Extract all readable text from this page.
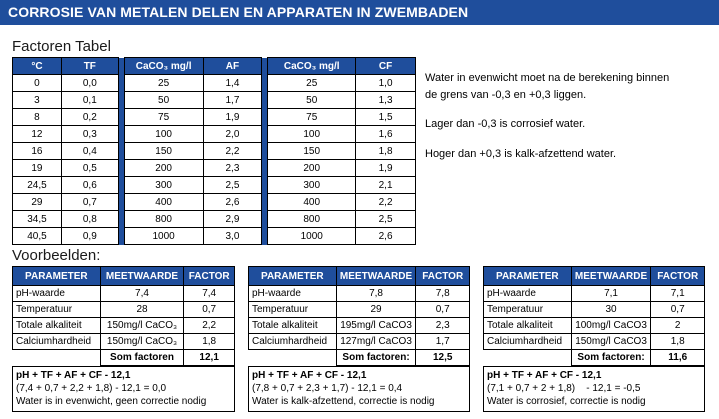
CORROSIE VAN METALEN DELEN EN APPARATEN IN ZWEMBADEN
Factoren Tabel
°C	TF		CaCO₃ mg/l	AF		CaCO₃ mg/l	CF
0	0,0		25	1,4		25	1,0
3	0,1		50	1,7		50	1,3
8	0,2		75	1,9		75	1,5
12	0,3		100	2,0		100	1,6
16	0,4		150	2,2		150	1,8
19	0,5		200	2,3		200	1,9
24,5	0,6		300	2,5		300	2,1
29	0,7		400	2,6		400	2,2
34,5	0,8		800	2,9		800	2,5
40,5	0,9		1000	3,0		1000	2,6

Water in evenwicht moet na de berekening binnen de grens van -0,3 en +0,3 liggen.

Lager dan -0,3 is corrosief water.

Hoger dan +0,3 is kalk-afzettend water.

Voorbeelden:
PARAMETER	MEETWAARDE	FACTOR
pH-waarde	7,4	7,4
Temperatuur	28	0,7
Totale alkaliteit	150mg/l CaCO₃	2,2
Calciumhardheid	150mg/l CaCO₃	1,8
	Som factoren	12,1
pH + TF + AF + CF - 12,1
(7,4 + 0,7 + 2,2 + 1,8) - 12,1 = 0,0
Water is in evenwicht, geen correctie nodig
PARAMETER	MEETWAARDE	FACTOR
pH-waarde	7,8	7,8
Temperatuur	29	0,7
Totale alkaliteit	195mg/l CaCO3	2,3
Calciumhardheid	127mg/l CaCO3	1,7
	Som factoren:	12,5
pH + TF + AF + CF - 12,1
(7,8 + 0,7 + 2,3 + 1,7) - 12,1 = 0,4
Water is kalk-afzettend, correctie is nodig
PARAMETER	MEETWAARDE	FACTOR
pH-waarde	7,1	7,1
Temperatuur	30	0,7
Totale alkaliteit	100mg/l CaCO3	2
Calciumhardheid	150mg/l CaCO3	1,8
	Som factoren:	11,6
pH + TF + AF + CF - 12,1
(7,1 + 0,7 + 2 + 1,8)    - 12,1 = -0,5
Water is corrosief, correctie is nodig
